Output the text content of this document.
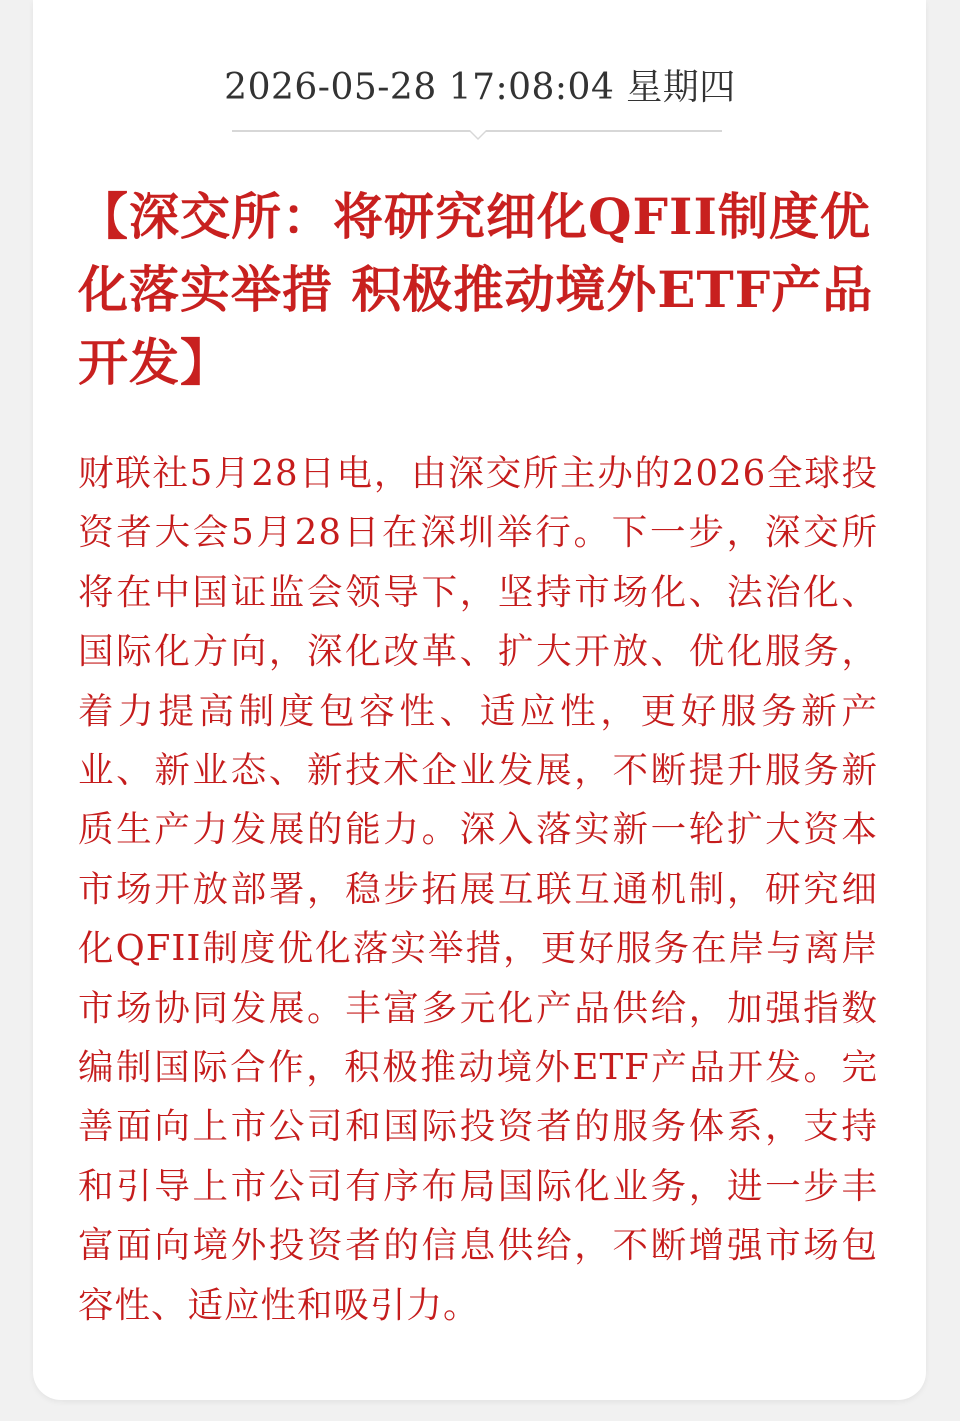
2026-05-28 17:08:04 星期四
【深交所：将研究细化QFII制度优化落实举措 积极推动境外ETF产品开发】

财联社5月28日电，由深交所主办的2026全球投资者大会5月28日在深圳举行。下一步，深交所将在中国证监会领导下，坚持市场化、法治化、国际化方向，深化改革、扩大开放、优化服务，着力提高制度包容性、适应性，更好服务新产业、新业态、新技术企业发展，不断提升服务新质生产力发展的能力。深入落实新一轮扩大资本市场开放部署，稳步拓展互联互通机制，研究细化QFII制度优化落实举措，更好服务在岸与离岸市场协同发展。丰富多元化产品供给，加强指数编制国际合作，积极推动境外ETF产品开发。完善面向上市公司和国际投资者的服务体系，支持和引导上市公司有序布局国际化业务，进一步丰富面向境外投资者的信息供给，不断增强市场包容性、适应性和吸引力。
